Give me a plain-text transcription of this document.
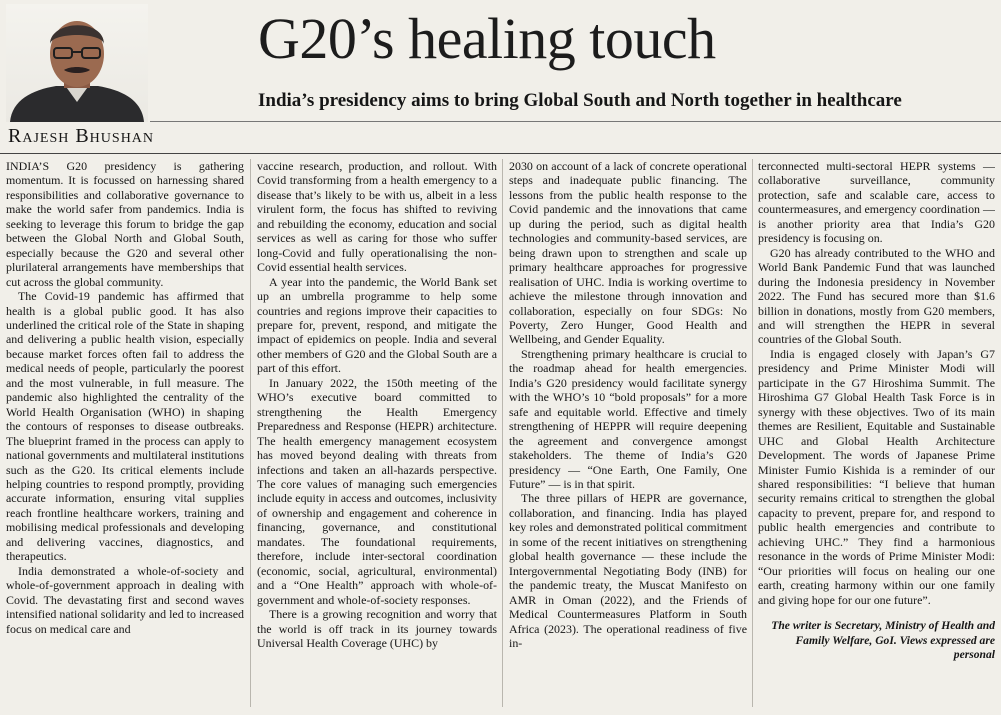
G20’s healing touch
India’s presidency aims to bring Global South and North together in healthcare
Rajesh Bhushan

INDIA’S G20 presidency is gathering momentum. It is focussed on harnessing shared responsibilities and collaborative governance to make the world safer from pandemics. India is seeking to leverage this forum to bridge the gap between the Global North and Global South, especially because the G20 and several other plurilateral arrangements have memberships that cut across the global community.

The Covid-19 pandemic has affirmed that health is a global public good. It has also underlined the critical role of the State in shaping and delivering a public health vision, especially because market forces often fail to address the medical needs of people, particularly the poorest and the most vulnerable, in full measure. The pandemic also highlighted the centrality of the World Health Organisation (WHO) in shaping the contours of responses to disease outbreaks. The blueprint framed in the process can apply to national governments and multilateral institutions such as the G20. Its critical elements include helping countries to respond promptly, providing accurate information, ensuring vital supplies reach frontline healthcare workers, training and mobilising medical professionals and developing and delivering vaccines, diagnostics, and therapeutics.

India demonstrated a whole-of-society and whole-of-government approach in dealing with Covid. The devastating first and second waves intensified national solidarity and led to increased focus on medical care and

vaccine research, production, and rollout. With Covid transforming from a health emergency to a disease that’s likely to be with us, albeit in a less virulent form, the focus has shifted to reviving and rebuilding the economy, education and social services as well as caring for those who suffer long-Covid and fully operationalising the non-Covid essential health services.

A year into the pandemic, the World Bank set up an umbrella programme to help some countries and regions improve their capacities to prepare for, prevent, respond, and mitigate the impact of epidemics on people. India and several other members of G20 and the Global South are a part of this effort.

In January 2022, the 150th meeting of the WHO’s executive board committed to strengthening the Health Emergency Preparedness and Response (HEPR) architecture. The health emergency management ecosystem has moved beyond dealing with threats from infections and taken an all-hazards perspective. The core values of managing such emergencies include equity in access and outcomes, inclusivity of ownership and engagement and coherence in financing, governance, and constitutional mandates. The foundational requirements, therefore, include inter-sectoral coordination (economic, social, agricultural, environmental) and a “One Health” approach with whole-of-government and whole-of-society responses.

There is a growing recognition and worry that the world is off track in its journey towards Universal Health Coverage (UHC) by

2030 on account of a lack of concrete operational steps and inadequate public financing. The lessons from the public health response to the Covid pandemic and the innovations that came up during the period, such as digital health technologies and community-based services, are being drawn upon to strengthen and scale up primary healthcare approaches for progressive realisation of UHC. India is working overtime to achieve the milestone through innovation and collaboration, especially on four SDGs: No Poverty, Zero Hunger, Good Health and Wellbeing, and Gender Equality.

Strengthening primary healthcare is crucial to the roadmap ahead for health emergencies. India’s G20 presidency would facilitate synergy with the WHO’s 10 “bold proposals” for a more safe and equitable world. Effective and timely strengthening of HEPPR will require deepening the agreement and convergence amongst stakeholders. The theme of India’s G20 presidency — “One Earth, One Family, One Future” — is in that spirit.

The three pillars of HEPR are governance, collaboration, and financing. India has played key roles and demonstrated political commitment in some of the recent initiatives on strengthening global health governance — these include the Intergovernmental Negotiating Body (INB) for the pandemic treaty, the Muscat Manifesto on AMR in Oman (2022), and the Friends of Medical Countermeasures Platform in South Africa (2023). The operational readiness of five in-

terconnected multi-sectoral HEPR systems — collaborative surveillance, community protection, safe and scalable care, access to countermeasures, and emergency coordination — is another priority area that India’s G20 presidency is focusing on.

G20 has already contributed to the WHO and World Bank Pandemic Fund that was launched during the Indonesia presidency in November 2022. The Fund has secured more than $1.6 billion in donations, mostly from G20 members, and will strengthen the HEPR in several countries of the Global South.

India is engaged closely with Japan’s G7 presidency and Prime Minister Modi will participate in the G7 Hiroshima Summit. The Hiroshima G7 Global Health Task Force is in synergy with these objectives. Two of its main themes are Resilient, Equitable and Sustainable UHC and Global Health Architecture Development. The words of Japanese Prime Minister Fumio Kishida is a reminder of our shared responsibilities: “I believe that human security remains critical to strengthen the global capacity to prevent, prepare for, and respond to public health emergencies and contribute to achieving UHC.” They find a harmonious resonance in the words of Prime Minister Modi: “Our priorities will focus on healing our one earth, creating harmony within our one family and giving hope for our one future”.

The writer is Secretary, Ministry of Health and Family Welfare, GoI. Views expressed are personal
